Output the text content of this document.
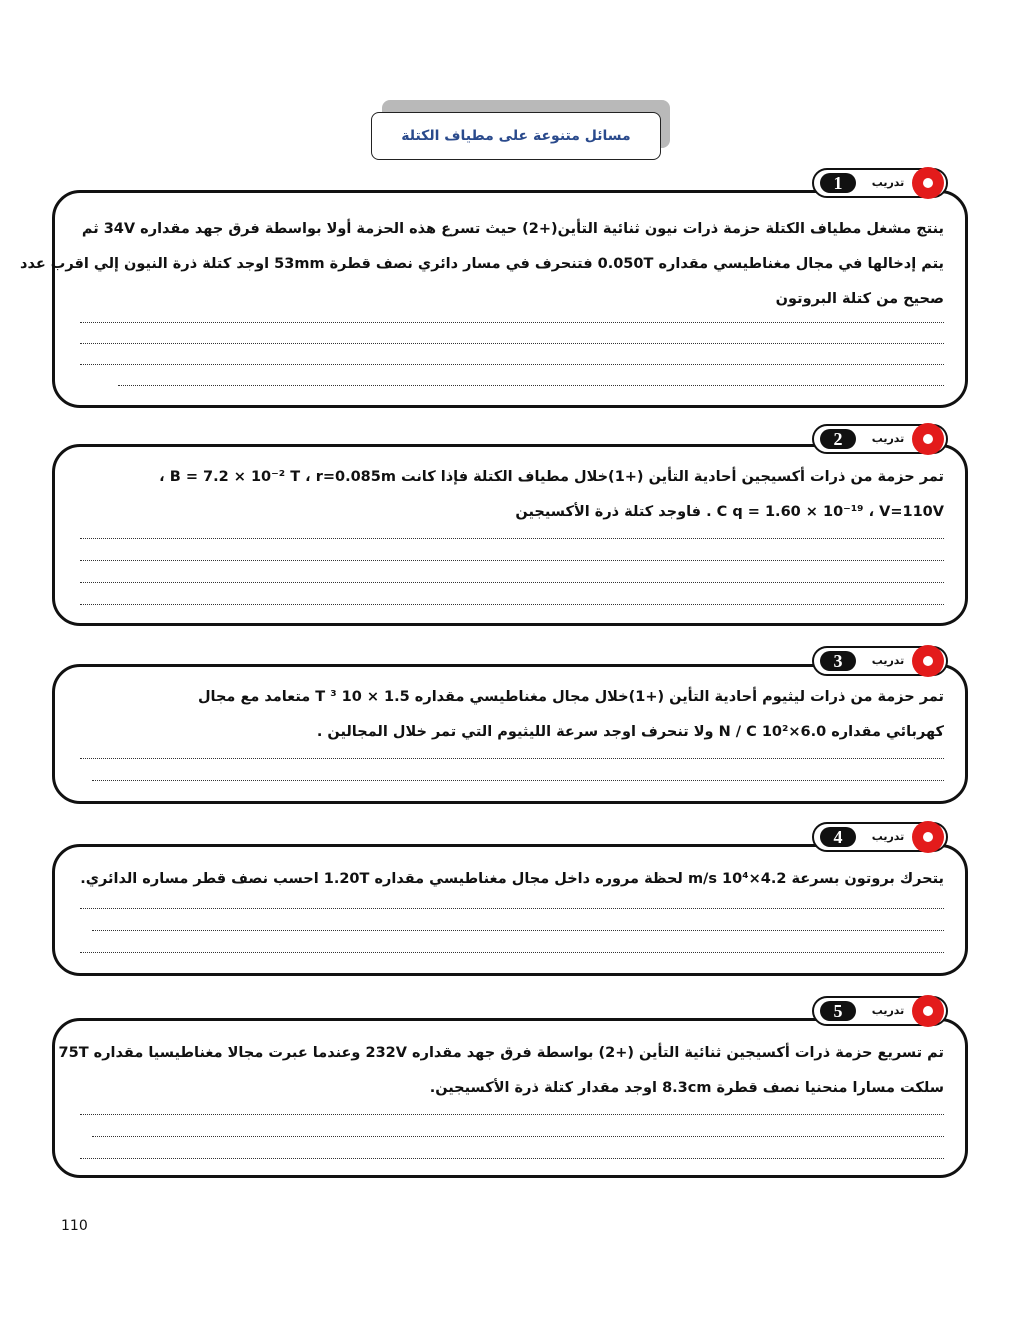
مسائل متنوعة على مطياف الكتلة
1	تدريب
ينتج مشغل مطياف الكتلة حزمة ذرات نيون ثنائية التأين(+2) حيث تسرع هذه الحزمة أولا بواسطة فرق جهد مقداره 34V ثم
يتم إدخالها في مجال مغناطيسي مقداره 0.050T فتنحرف في مسار دائري نصف قطرة 53mm اوجد كتلة ذرة النيون إلي اقرب عدد
صحيح من كتلة البروتون
2	تدريب
تمر حزمة من ذرات أكسيجين أحادية التأين (+1)خلال مطياف الكتلة فإذا كانت B = 7.2 × 10⁻² T ، r=0.085m ،
C q = 1.60 × 10⁻¹⁹ ، V=110V . فاوجد كتلة ذرة الأكسيجين
3	تدريب
تمر حزمة من ذرات ليثيوم أحادية التأين (+1)خلال مجال مغناطيسي مقداره T ³ 10 × 1.5 متعامد مع مجال
كهربائي مقداره 6.0×10² N / C ولا تنحرف اوجد سرعة الليثيوم التي تمر خلال المجالين .
4	تدريب
يتحرك بروتون بسرعة 4.2×10⁴ m/s لحظة مروره داخل مجال مغناطيسي مقداره 1.20T احسب نصف قطر مساره الدائري.
5	تدريب
تم تسريع حزمة ذرات أكسيجين ثنائية التأين (+2) بواسطة فرق جهد مقداره 232V وعندما عبرت مجالا مغناطيسيا مقداره 75T
سلكت مسارا منحنيا نصف قطرة 8.3cm اوجد مقدار كتلة ذرة الأكسيجين.
110
